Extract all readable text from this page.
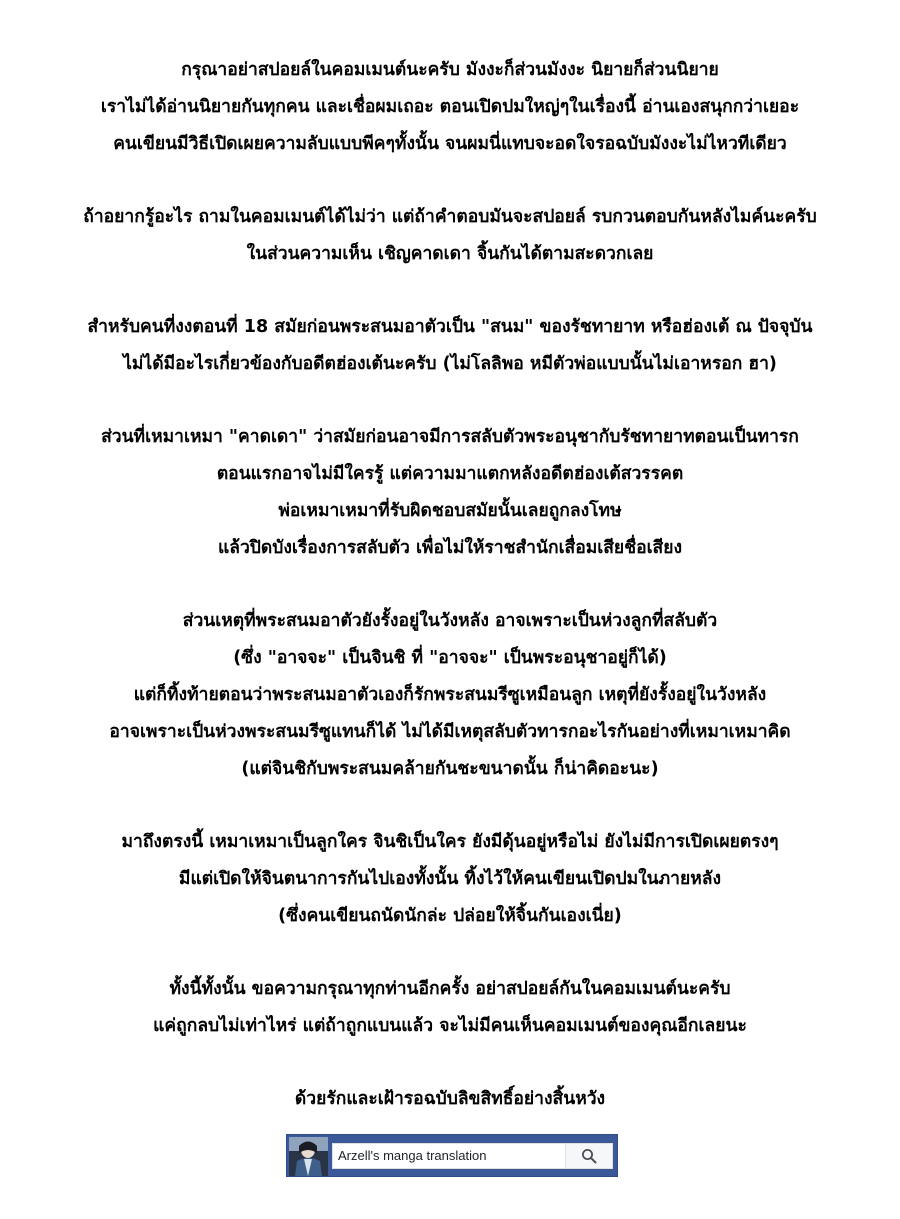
กรุณาอย่าสปอยล์ในคอมเมนต์นะครับ มังงะก็ส่วนมังงะ นิยายก็ส่วนนิยาย
เราไม่ได้อ่านนิยายกันทุกคน และเชื่อผมเถอะ ตอนเปิดปมใหญ่ๆในเรื่องนี้ อ่านเองสนุกกว่าเยอะ
คนเขียนมีวิธีเปิดเผยความลับแบบพีคๆทั้งนั้น จนผมนี่แทบจะอดใจรอฉบับมังงะไม่ไหวทีเดียว
ถ้าอยากรู้อะไร ถามในคอมเมนต์ได้ไม่ว่า แต่ถ้าคำตอบมันจะสปอยล์ รบกวนตอบกันหลังไมค์นะครับ
ในส่วนความเห็น เชิญคาดเดา จิ้นกันได้ตามสะดวกเลย
สำหรับคนที่งงตอนที่ 18 สมัยก่อนพระสนมอาตัวเป็น "สนม" ของรัชทายาท หรือฮ่องเต้ ณ ปัจจุบัน
ไม่ได้มีอะไรเกี่ยวข้องกับอดีตฮ่องเต้นะครับ (ไม่โลลิพอ หมีตัวพ่อแบบนั้นไม่เอาหรอก ฮา)
ส่วนที่เหมาเหมา "คาดเดา" ว่าสมัยก่อนอาจมีการสลับตัวพระอนุชากับรัชทายาทตอนเป็นทารก
ตอนแรกอาจไม่มีใครรู้ แต่ความมาแตกหลังอดีตฮ่องเต้สวรรคต
พ่อเหมาเหมาที่รับผิดชอบสมัยนั้นเลยถูกลงโทษ
แล้วปิดบังเรื่องการสลับตัว เพื่อไม่ให้ราชสำนักเสื่อมเสียชื่อเสียง
ส่วนเหตุที่พระสนมอาตัวยังรั้งอยู่ในวังหลัง อาจเพราะเป็นห่วงลูกที่สลับตัว
(ซึ่ง "อาจจะ" เป็นจินชิ ที่ "อาจจะ" เป็นพระอนุชาอยู่ก็ได้)
แต่ก็ทิ้งท้ายตอนว่าพระสนมอาตัวเองก็รักพระสนมรีซูเหมือนลูก เหตุที่ยังรั้งอยู่ในวังหลัง
อาจเพราะเป็นห่วงพระสนมรีซูแทนก็ได้ ไม่ได้มีเหตุสลับตัวทารกอะไรกันอย่างที่เหมาเหมาคิด
(แต่จินชิกับพระสนมคล้ายกันชะขนาดนั้น ก็น่าคิดอะนะ)
มาถึงตรงนี้ เหมาเหมาเป็นลูกใคร จินชิเป็นใคร ยังมีดุ้นอยู่หรือไม่ ยังไม่มีการเปิดเผยตรงๆ
มีแต่เปิดให้จินตนาการกันไปเองทั้งนั้น ทิ้งไว้ให้คนเขียนเปิดปมในภายหลัง
(ซึ่งคนเขียนถนัดนักล่ะ ปล่อยให้จิ้นกันเองเนี่ย)
ทั้งนี้ทั้งนั้น ขอความกรุณาทุกท่านอีกครั้ง อย่าสปอยล์กันในคอมเมนต์นะครับ
แค่ถูกลบไม่เท่าไหร่ แต่ถ้าถูกแบนแล้ว จะไม่มีคนเห็นคอมเมนต์ของคุณอีกเลยนะ
ด้วยรักและเฝ้ารอฉบับลิขสิทธิ์อย่างสิ้นหวัง
Arzell's manga translation
